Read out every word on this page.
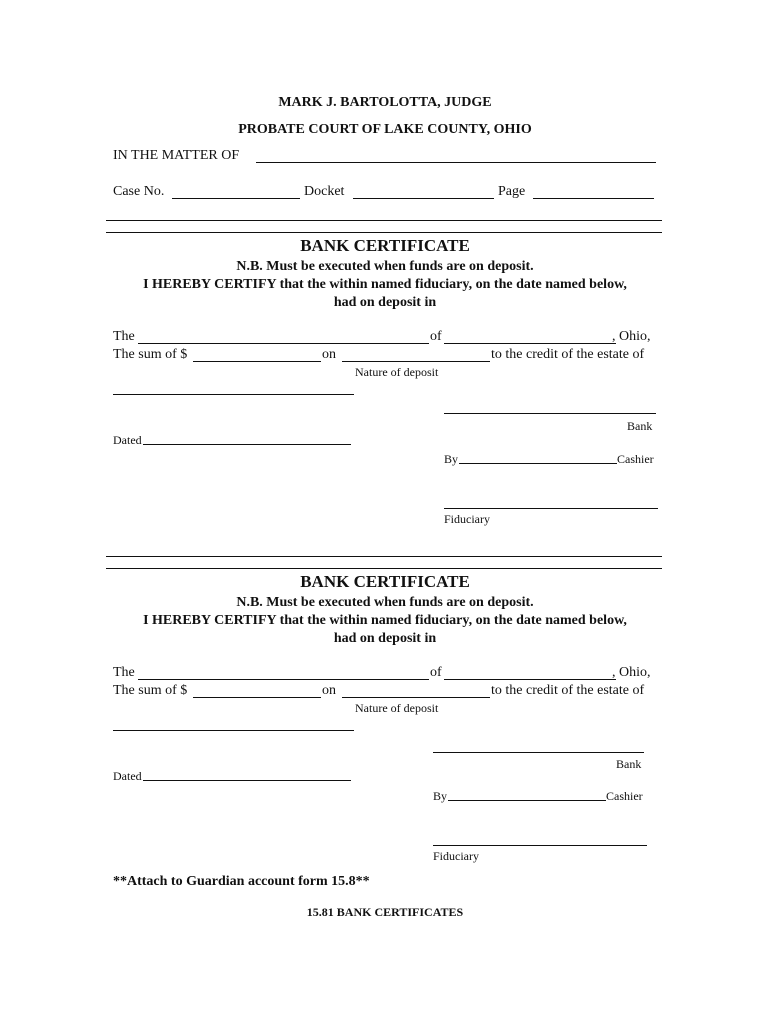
MARK J. BARTOLOTTA, JUDGE
PROBATE COURT OF LAKE COUNTY, OHIO
IN THE MATTER OF
Case No.	Docket	Page
BANK CERTIFICATE
N.B. Must be executed when funds are on deposit.
I HEREBY CERTIFY that the within named fiduciary, on the date named below,
had on deposit in
The	of	, Ohio,
The sum of $	on	to the credit of the estate of
Nature of deposit
Bank
Dated
By	Cashier
Fiduciary
BANK CERTIFICATE
N.B. Must be executed when funds are on deposit.
I HEREBY CERTIFY that the within named fiduciary, on the date named below,
had on deposit in
The	of	, Ohio,
The sum of $	on	to the credit of the estate of
Nature of deposit
Bank
Dated
By	Cashier
Fiduciary
**Attach to Guardian account form 15.8**
15.81 BANK CERTIFICATES
